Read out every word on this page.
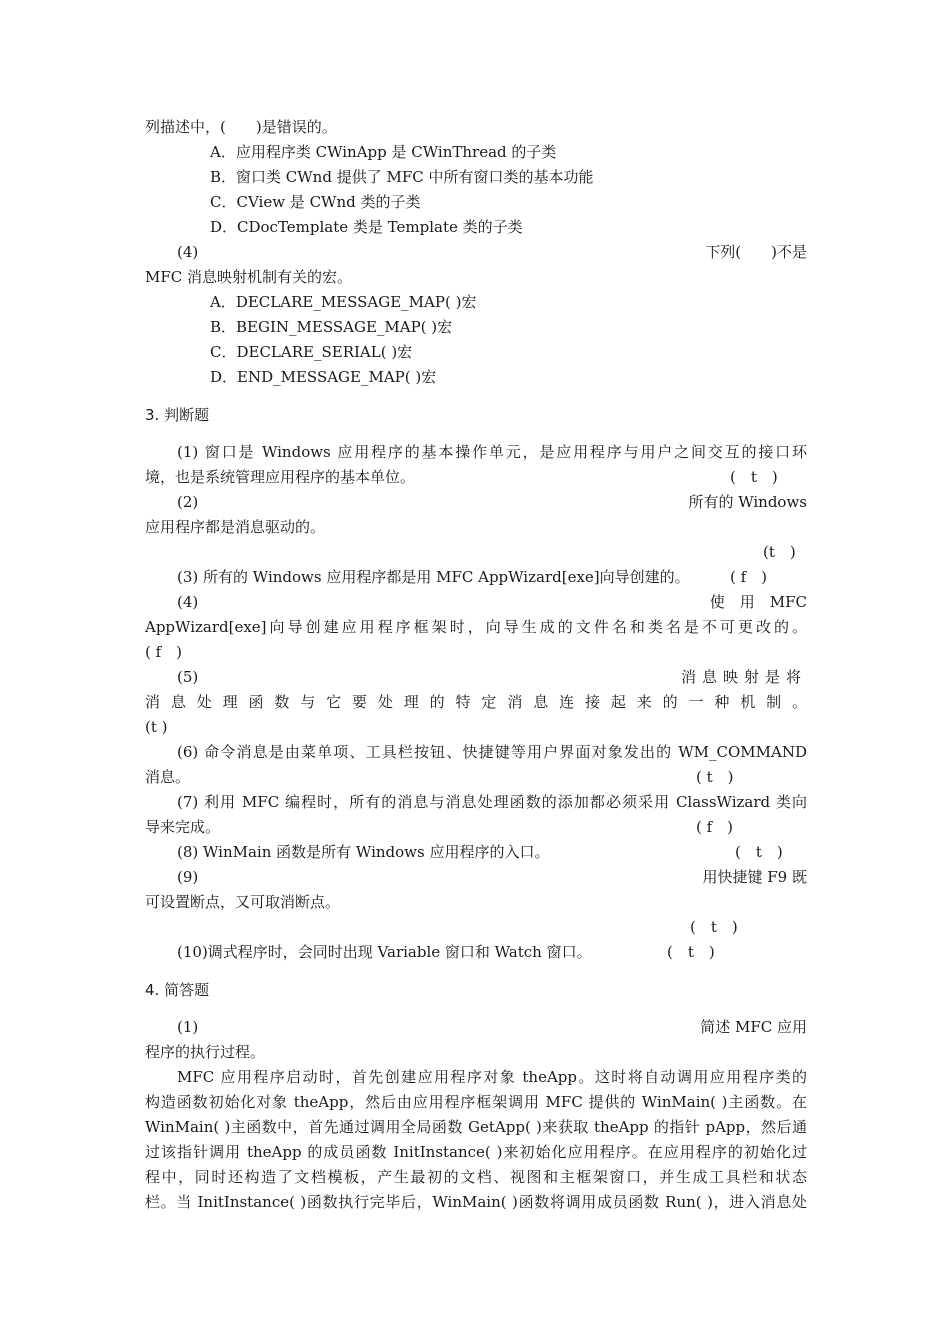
列描述中，(　　)是错误的。
A．应用程序类 CWinApp 是 CWinThread 的子类
B．窗口类 CWnd 提供了 MFC 中所有窗口类的基本功能
C．CView 是 CWnd 类的子类
D．CDocTemplate 类是 Template 类的子类
(4)	下列(　　)不是
MFC 消息映射机制有关的宏。
A．DECLARE_MESSAGE_MAP( )宏
B．BEGIN_MESSAGE_MAP( )宏
C．DECLARE_SERIAL( )宏
D．END_MESSAGE_MAP( )宏
3. 判断题
(1) 窗口是 Windows 应用程序的基本操作单元，是应用程序与用户之间交互的接口环
境，也是系统管理应用程序的基本单位。	(　t　)
(2)	所有的 Windows
应用程序都是消息驱动的。
(t　)
(3) 所有的 Windows 应用程序都是用 MFC AppWizard[exe]向导创建的。	( f　)
(4)	使　用　MFC
AppWizard[exe]向导创建应用程序框架时，向导生成的文件名和类名是不可更改的。
( f　)
(5)	消息映射是将
消息处理函数与它要处理的特定消息连接起来的一种机制。
(t )
(6) 命令消息是由菜单项、工具栏按钮、快捷键等用户界面对象发出的 WM_COMMAND
消息。	( t　)
(7) 利用 MFC 编程时，所有的消息与消息处理函数的添加都必须采用 ClassWizard 类向
导来完成。	( f　)
(8) WinMain 函数是所有 Windows 应用程序的入口。	(　t　)
(9)	用快捷键 F9 既
可设置断点，又可取消断点。
(　t　)
(10)调式程序时，会同时出现 Variable 窗口和 Watch 窗口。	(　t　)
4. 简答题
(1)	简述 MFC 应用
程序的执行过程。
MFC 应用程序启动时，首先创建应用程序对象 theApp。这时将自动调用应用程序类的
构造函数初始化对象 theApp，然后由应用程序框架调用 MFC 提供的 WinMain( )主函数。在
WinMain( )主函数中，首先通过调用全局函数 GetApp( )来获取 theApp 的指针 pApp，然后通
过该指针调用 theApp 的成员函数 InitInstance( )来初始化应用程序。在应用程序的初始化过
程中，同时还构造了文档模板，产生最初的文档、视图和主框架窗口，并生成工具栏和状态
栏。当 InitInstance( )函数执行完毕后，WinMain( )函数将调用成员函数 Run( )，进入消息处
